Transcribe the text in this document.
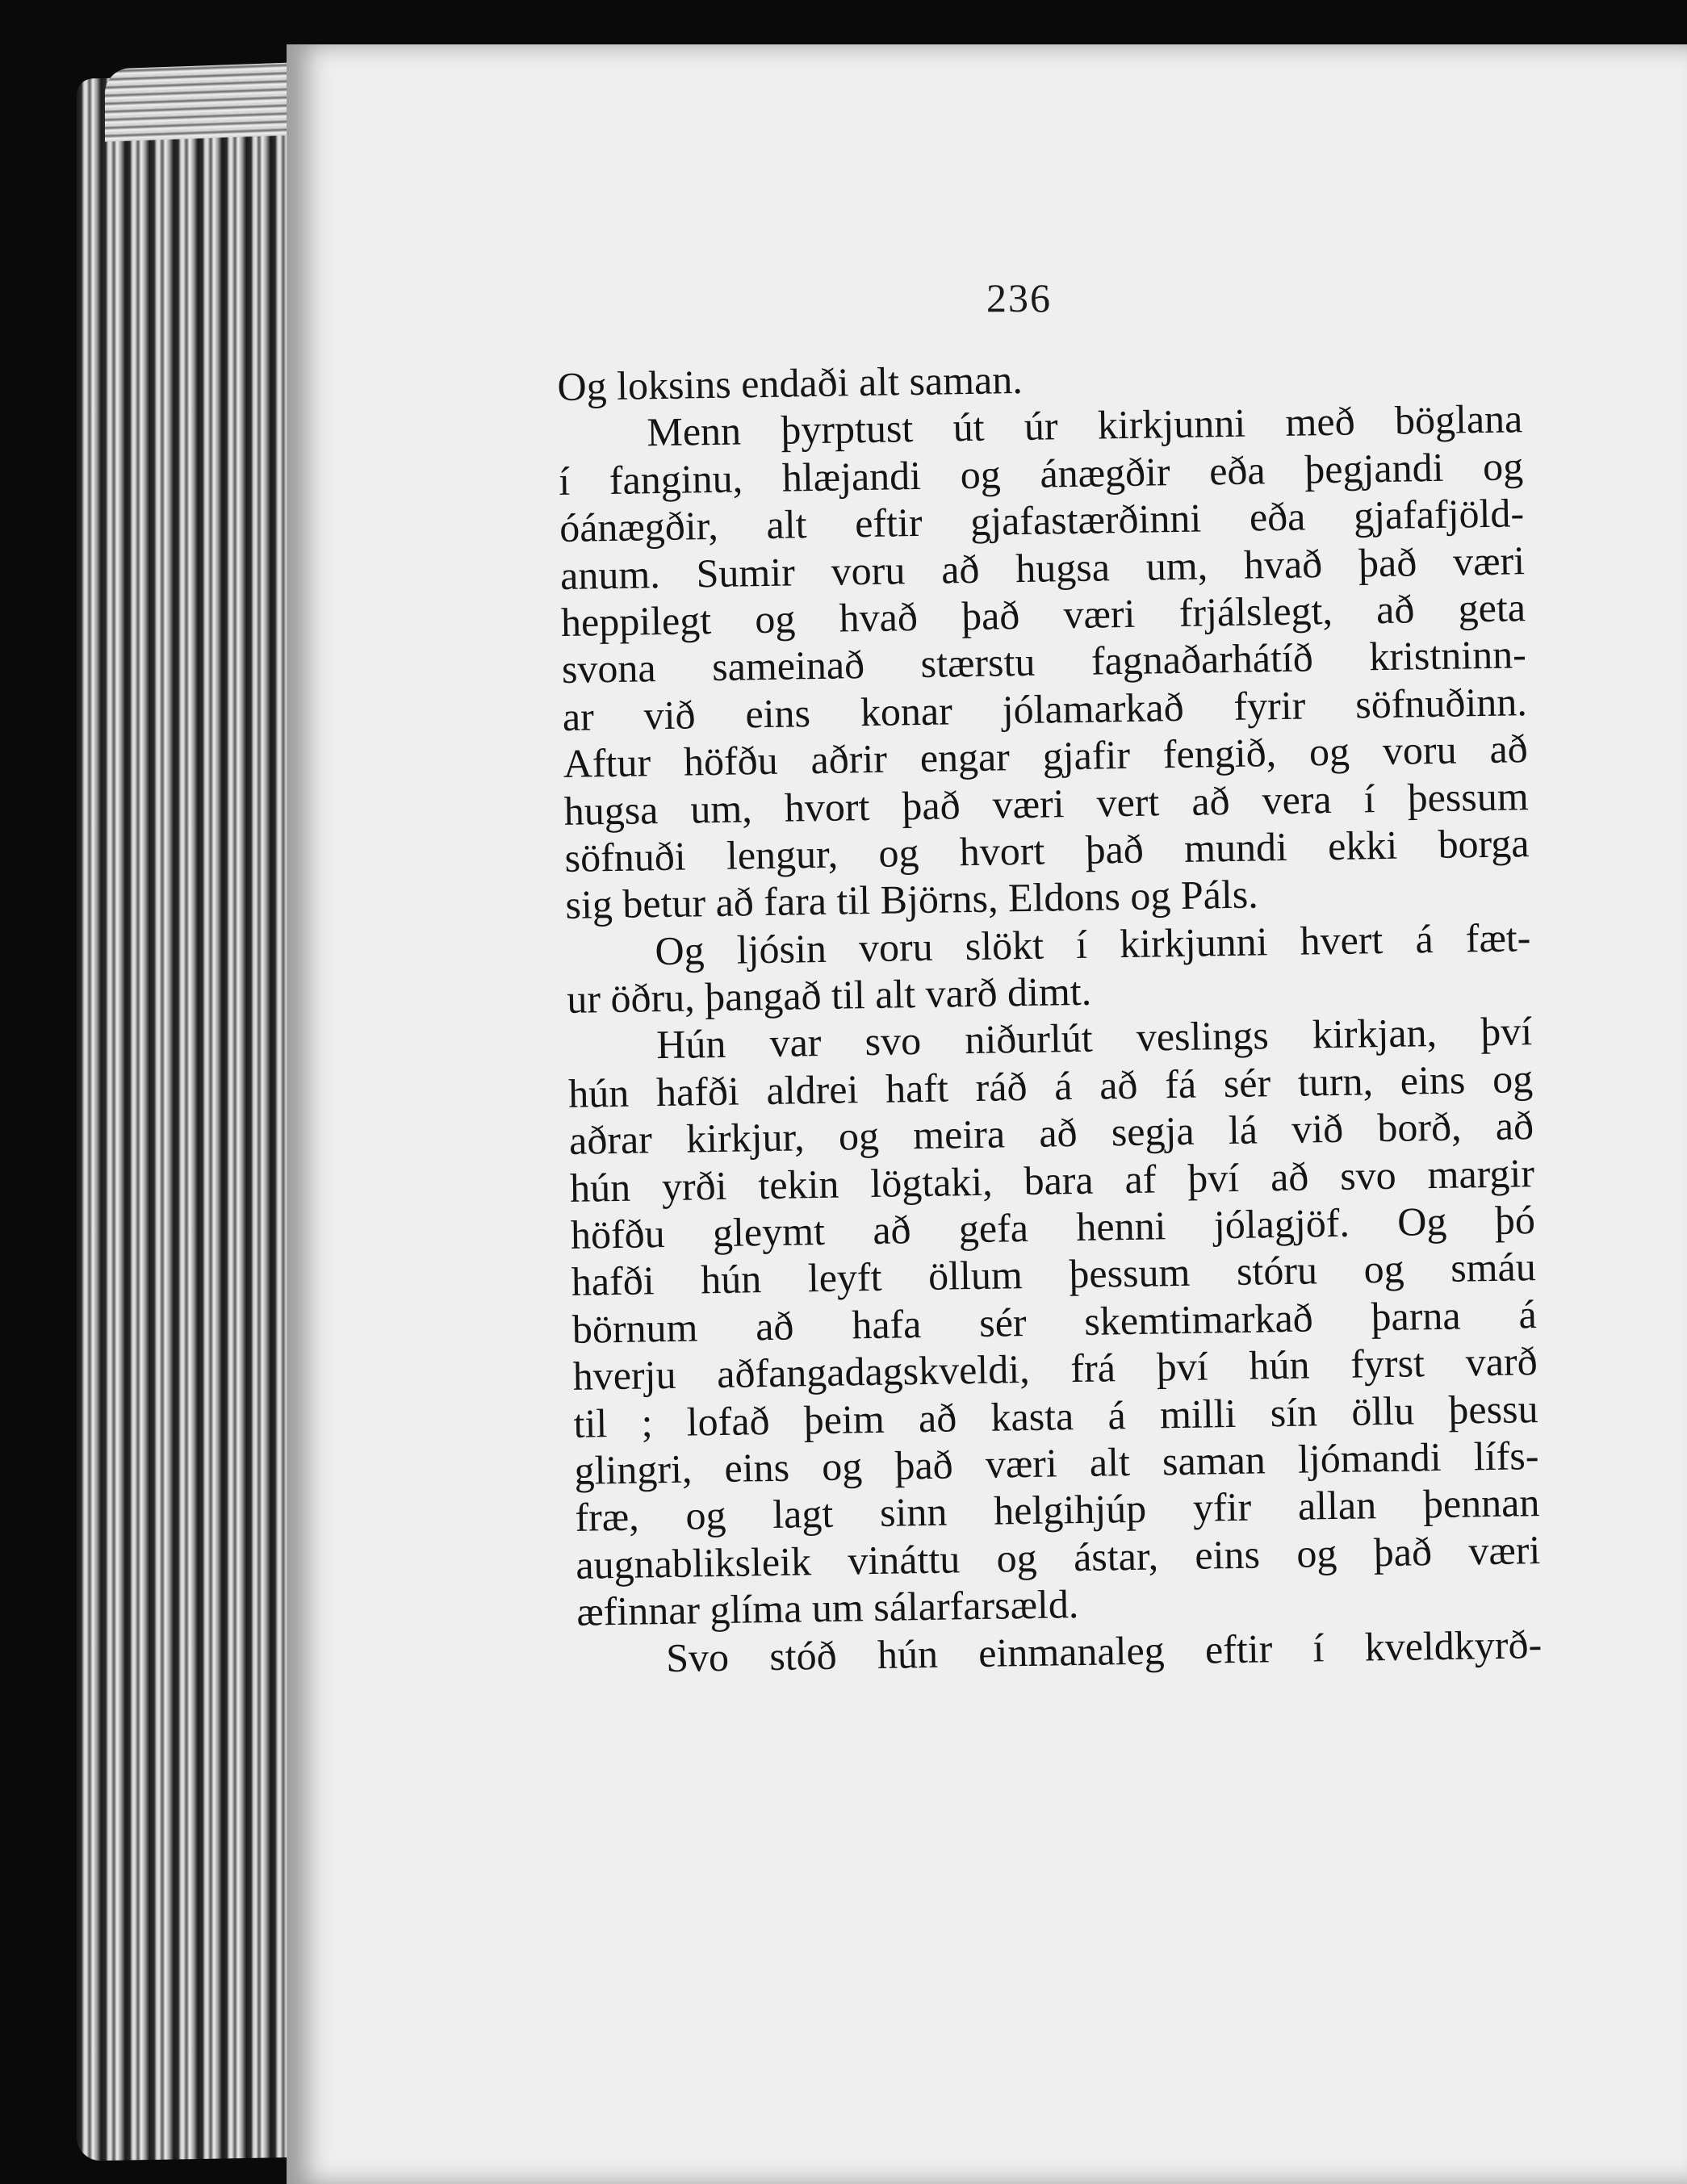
236
Og loksins endaði alt saman.
Menn þyrptust út úr kirkjunni með böglana
í fanginu, hlæjandi og ánægðir eða þegjandi og
óánægðir, alt eftir gjafastærðinni eða gjafafjöld-
anum. Sumir voru að hugsa um, hvað það væri
heppilegt og hvað það væri frjálslegt, að geta
svona sameinað stærstu fagnaðarhátíð kristninn-
ar við eins konar jólamarkað fyrir söfnuðinn.
Aftur höfðu aðrir engar gjafir fengið, og voru að
hugsa um, hvort það væri vert að vera í þessum
söfnuði lengur, og hvort það mundi ekki borga
sig betur að fara til Björns, Eldons og Páls.
Og ljósin voru slökt í kirkjunni hvert á fæt-
ur öðru, þangað til alt varð dimt.
Hún var svo niðurlút veslings kirkjan, því
hún hafði aldrei haft ráð á að fá sér turn, eins og
aðrar kirkjur, og meira að segja lá við borð, að
hún yrði tekin lögtaki, bara af því að svo margir
höfðu gleymt að gefa henni jólagjöf. Og þó
hafði hún leyft öllum þessum stóru og smáu
börnum að hafa sér skemtimarkað þarna á
hverju aðfangadagskveldi, frá því hún fyrst varð
til ; lofað þeim að kasta á milli sín öllu þessu
glingri, eins og það væri alt saman ljómandi lífs-
fræ, og lagt sinn helgihjúp yfir allan þennan
augnabliksleik vináttu og ástar, eins og það væri
æfinnar glíma um sálarfarsæld.
Svo stóð hún einmanaleg eftir í kveldkyrð-
